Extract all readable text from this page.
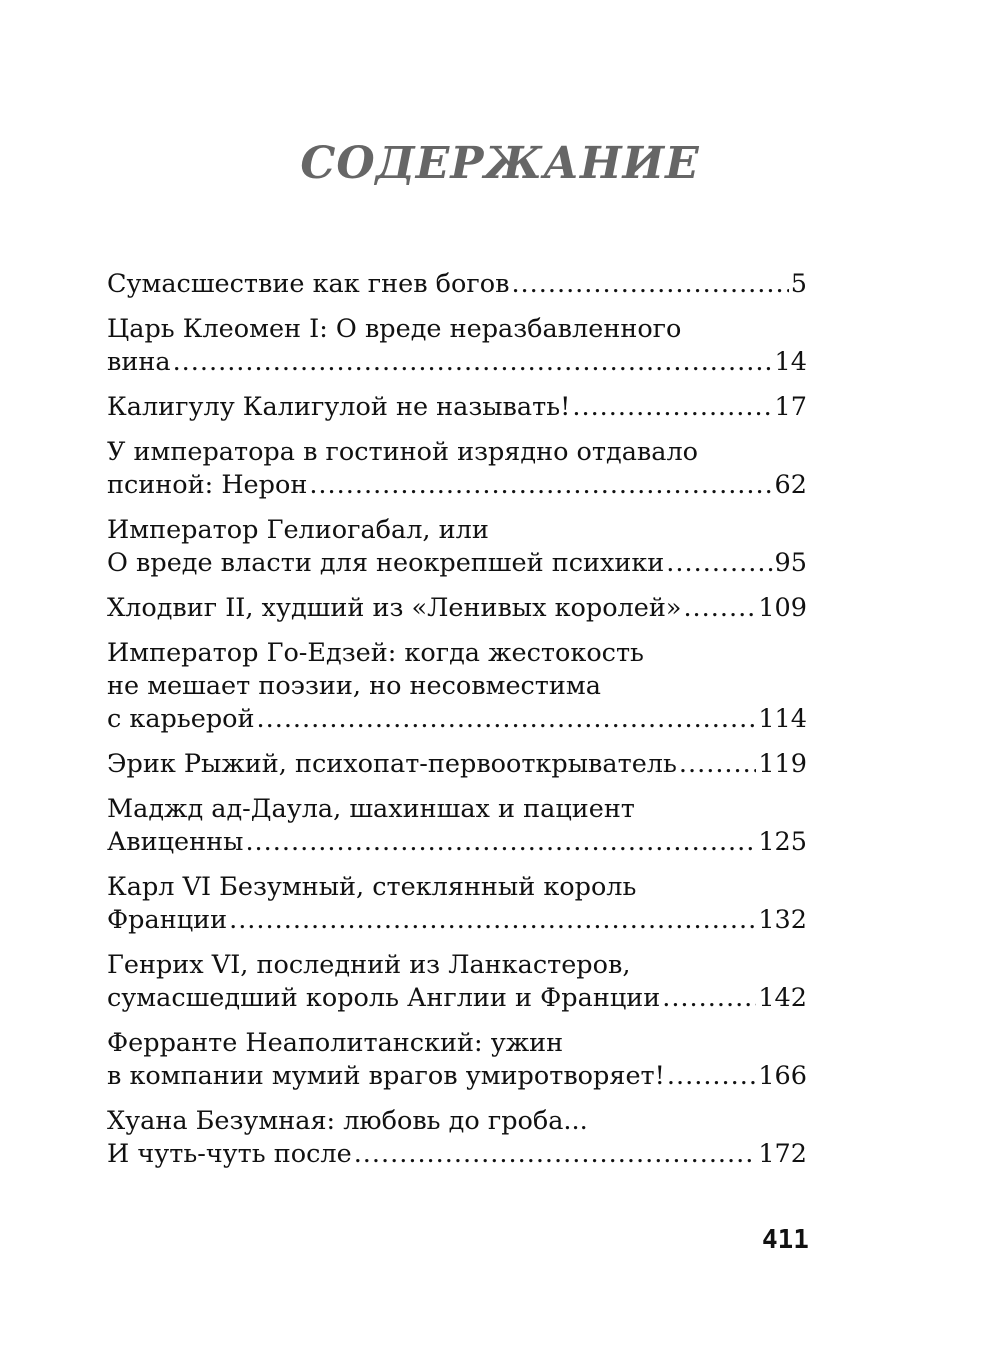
СОДЕРЖАНИЕ
Сумасшествие как гнев богов .....	5
Царь Клеомен I: О вреде неразбавленного
вина .....	14
Калигулу Калигулой не называть! .....	17
У императора в гостиной изрядно отдавало
псиной: Нерон .....	62
Император Гелиогабал, или
О вреде власти для неокрепшей психики .....	95
Хлодвиг II, худший из «Ленивых королей» .....	109
Император Го-Едзей: когда жестокость
не мешает поэзии, но несовместима
с карьерой .....	114
Эрик Рыжий, психопат-первооткрыватель .....	119
Маджд ад-Даула, шахиншах и пациент
Авиценны .....	125
Карл VI Безумный, стеклянный король
Франции .....	132
Генрих VI, последний из Ланкастеров,
сумасшедший король Англии и Франции .....	142
Ферранте Неаполитанский: ужин
в компании мумий врагов умиротворяет! .....	166
Хуана Безумная: любовь до гроба...
И чуть-чуть после .....	172
411
